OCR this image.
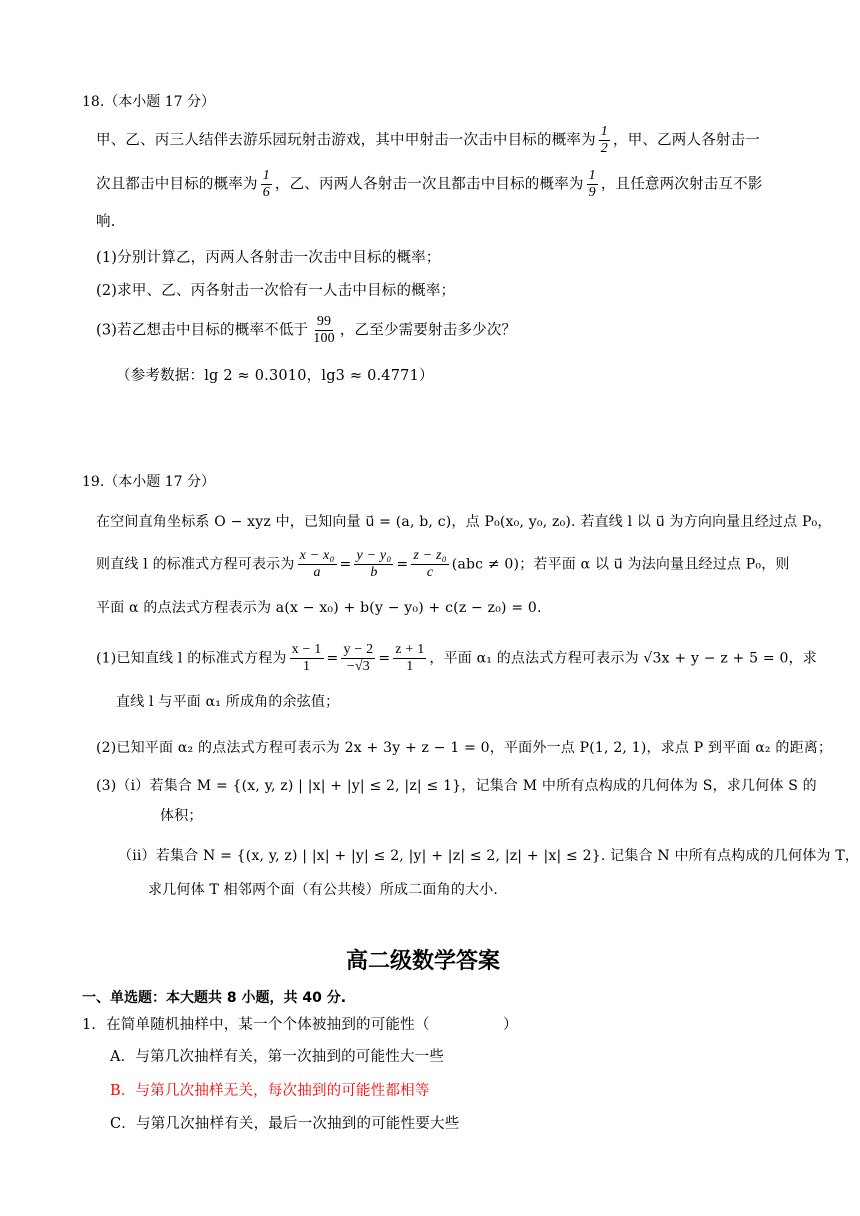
18.（本小题 17 分）
甲、乙、丙三人结伴去游乐园玩射击游戏，其中甲射击一次击中目标的概率为 $\frac{1}{2}$ ，甲、乙两人各射击一
次且都击中目标的概率为 $\frac{1}{6}$ ，乙、丙两人各射击一次且都击中目标的概率为 $\frac{1}{9}$ ，且任意两次射击互不影
响.
(1)分别计算乙，丙两人各射击一次击中目标的概率；
(2)求甲、乙、丙各射击一次恰有一人击中目标的概率；
(3)若乙想击中目标的概率不低于 $\frac{99}{100}$ ，乙至少需要射击多少次？
（参考数据：lg 2 ≈ 0.3010，lg3 ≈ 0.4771）
19.（本小题 17 分）
在空间直角坐标系 O − xyz 中，已知向量 u⃗ = (a, b, c)，点 P₀(x₀, y₀, z₀). 若直线 l 以 u⃗ 为方向向量且经过点 P₀，
则直线 l 的标准式方程可表示为 $\frac{\text{x − x₀}}{a} = \frac{\text{y − y₀}}{b} = \frac{\text{z − z₀}}{c} (abc \ne 0)$；若平面 α 以 u⃗ 为法向量且经过点 P₀，则
平面 α 的点法式方程表示为 a(x − x₀) + b(y − y₀) + c(z − z₀) = 0.
(1)已知直线 l 的标准式方程为 $\frac{x - 1}{1} = \frac{y - 2}{-√3} = \frac{z + 1}{1}$ ，平面 α₁ 的点法式方程可表示为 √3x + y − z + 5 = 0，求
直线 l 与平面 α₁ 所成角的余弦值；
(2)已知平面 α₂ 的点法式方程可表示为 2x + 3y + z − 1 = 0，平面外一点 P(1, 2, 1)，求点 P 到平面 α₂ 的距离；
(3)（i）若集合 M = {(x, y, z) | |x| + |y| ≤ 2, |z| ≤ 1}，记集合 M 中所有点构成的几何体为 S，求几何体 S 的
体积；
（ii）若集合 N = {(x, y, z) | |x| + |y| ≤ 2, |y| + |z| ≤ 2, |z| + |x| ≤ 2}. 记集合 N 中所有点构成的几何体为 T，
求几何体 T 相邻两个面（有公共棱）所成二面角的大小.
高二级数学答案
一、单选题：本大题共 8 小题，共 40 分.
1．在简单随机抽样中，某一个个体被抽到的可能性（　　　　　）
A．与第几次抽样有关，第一次抽到的可能性大一些
B．与第几次抽样无关，每次抽到的可能性都相等
C．与第几次抽样有关，最后一次抽到的可能性要大些
